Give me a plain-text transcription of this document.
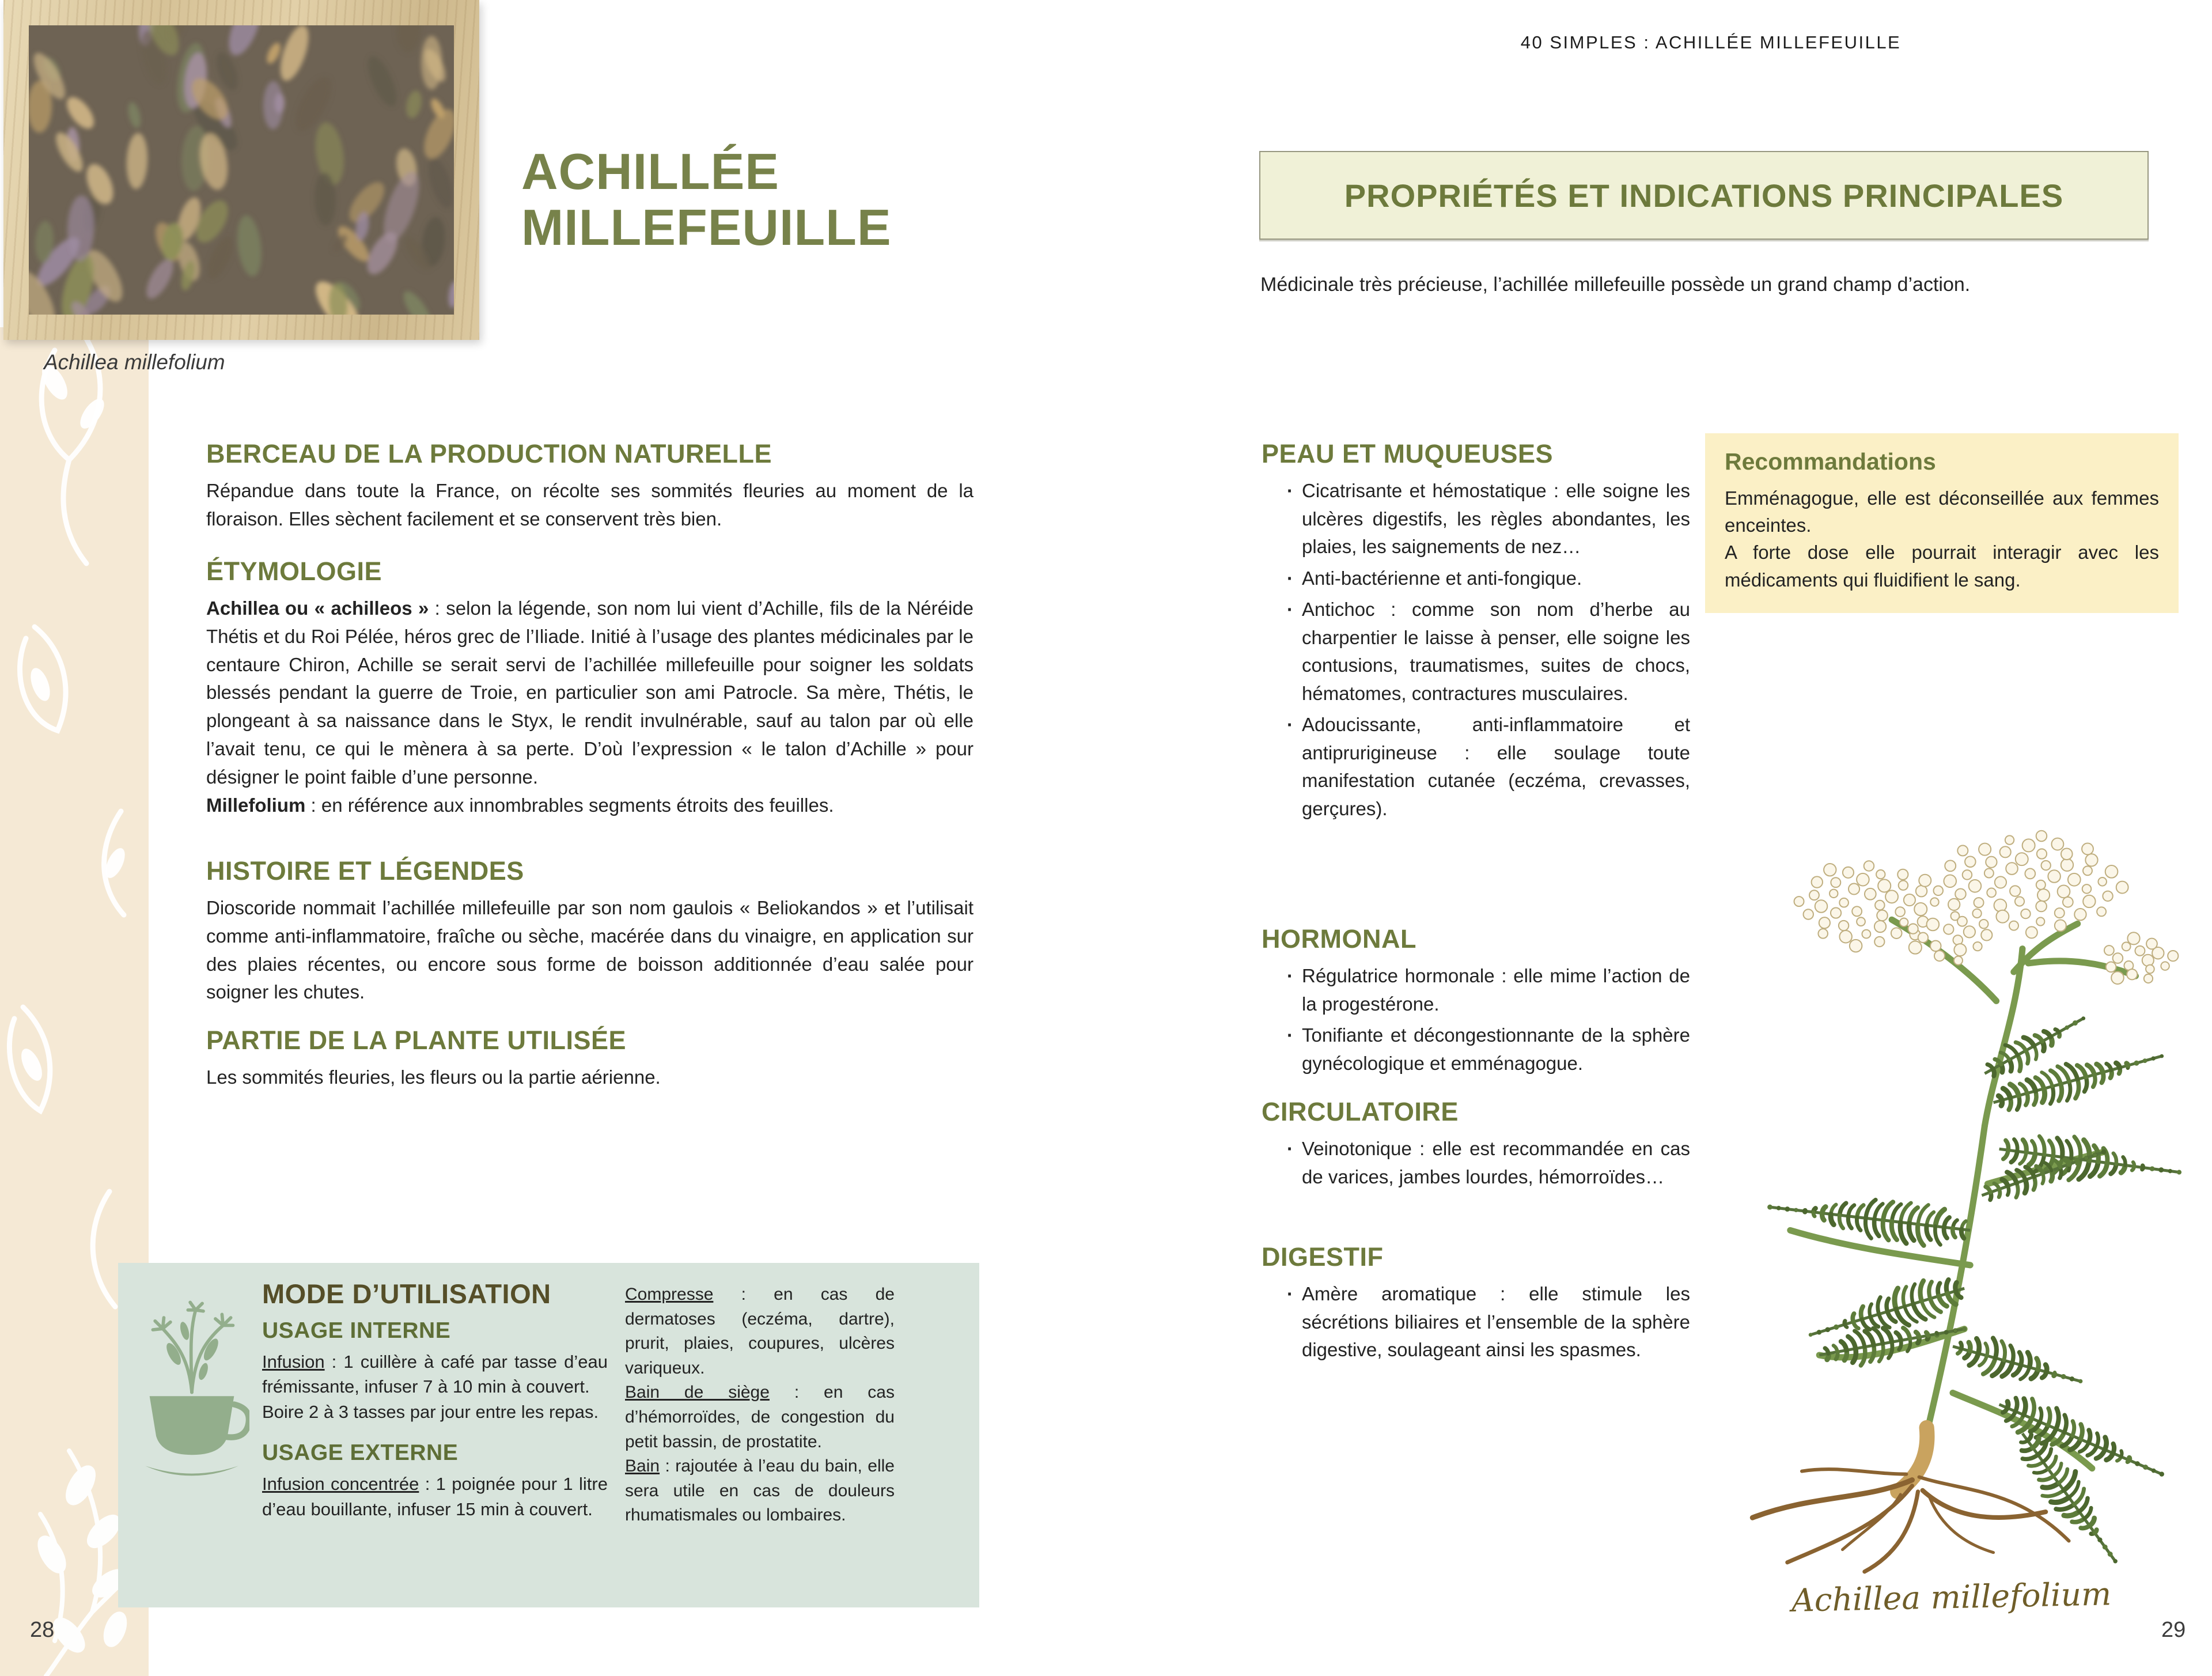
Achillea millefolium
ACHILLÉE
MILLEFEUILLE
BERCEAU DE LA PRODUCTION NATURELLE

Répandue dans toute la France, on récolte ses sommités fleuries au moment de la floraison. Elles sèchent facilement et se conservent très bien.

ÉTYMOLOGIE

Achillea ou « achilleos » : selon la légende, son nom lui vient d’Achille, fils de la Néréide Thétis et du Roi Pélée, héros grec de l’Iliade. Initié à l’usage des plantes médicinales par le centaure Chiron, Achille se serait servi de l’achillée millefeuille pour soigner les soldats blessés pendant la guerre de Troie, en particulier son ami Patrocle. Sa mère, Thétis, le plongeant à sa naissance dans le Styx, le rendit invulnérable, sauf au talon par où elle l’avait tenu, ce qui le mènera à sa perte. D’où l’expression « le talon d’Achille » pour désigner le point faible d’une personne.

Millefolium : en référence aux innombrables segments étroits des feuilles.

HISTOIRE ET LÉGENDES

Dioscoride nommait l’achillée millefeuille par son nom gaulois « Beliokandos » et l’utilisait comme anti-inflammatoire, fraîche ou sèche, macérée dans du vinaigre, en application sur des plaies récentes, ou encore sous forme de boisson additionnée d’eau salée pour soigner les chutes.

PARTIE DE LA PLANTE UTILISÉE

Les sommités fleuries, les fleurs ou la partie aérienne.

MODE D’UTILISATION
USAGE INTERNE

Infusion : 1 cuillère à café par tasse d’eau frémissante, infuser 7 à 10 min à couvert.

Boire 2 à 3 tasses par jour entre les repas.

USAGE EXTERNE

Infusion concentrée : 1 poignée pour 1 litre d’eau bouillante, infuser 15 min à couvert.

Compresse : en cas de dermatoses (eczéma, dartre), prurit, plaies, coupures, ulcères variqueux.

Bain de siège : en cas d’hémorroïdes, de congestion du petit bassin, de prostatite.

Bain : rajoutée à l’eau du bain, elle sera utile en cas de douleurs rhumatismales ou lombaires.

28
40 SIMPLES : ACHILLÉE MILLEFEUILLE
PROPRIÉTÉS ET INDICATIONS PRINCIPALES
Médicinale très précieuse, l’achillée millefeuille possède un grand champ d’action.
PEAU ET MUQUEUSES
· Cicatrisante et hémostatique : elle soigne les ulcères digestifs, les règles abondantes, les plaies, les saignements de nez…
· Anti-bactérienne et anti-fongique.
· Antichoc : comme son nom d’herbe au charpentier le laisse à penser, elle soigne les contusions, traumatismes, suites de chocs, hématomes, contractures musculaires.
· Adoucissante, anti-inflammatoire et antiprurigineuse : elle soulage toute manifestation cutanée (eczéma, crevasses, gerçures).
HORMONAL
· Régulatrice hormonale : elle mime l’action de la progestérone.
· Tonifiante et décongestionnante de la sphère gynécologique et emménagogue.
CIRCULATOIRE
· Veinotonique : elle est recommandée en cas de varices, jambes lourdes, hémorroïdes…
DIGESTIF
· Amère aromatique : elle stimule les sécrétions biliaires et l’ensemble de la sphère digestive, soulageant ainsi les spasmes.
Recommandations

Emménagogue, elle est déconseillée aux femmes enceintes.

A forte dose elle pourrait interagir avec les médicaments qui fluidifient le sang.

Achillea millefolium
29
